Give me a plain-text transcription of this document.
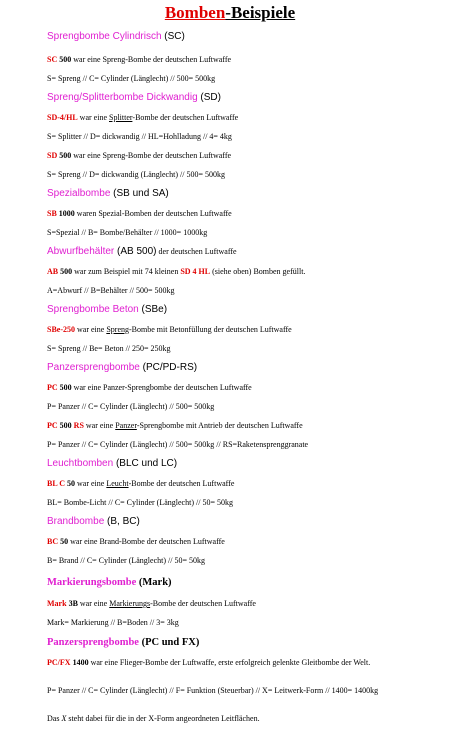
Bomben-Beispiele
Sprengbombe Cylindrisch (SC)
SC 500 war eine Spreng-Bombe der deutschen Luftwaffe
S= Spreng // C= Cylinder (Länglecht) // 500= 500kg
Spreng/Splitterbombe Dickwandig (SD)
SD-4/HL war eine Splitter-Bombe der deutschen Luftwaffe
S= Splitter // D= dickwandig // HL=Hohlladung // 4= 4kg
SD 500 war eine Spreng-Bombe der deutschen Luftwaffe
S= Spreng // D= dickwandig (Länglecht) // 500= 500kg
Spezialbombe (SB und SA)
SB 1000 waren Spezial-Bomben der deutschen Luftwaffe
S=Spezial // B= Bombe/Behälter // 1000= 1000kg
Abwurfbehälter (AB 500) der deutschen Luftwaffe
AB 500 war zum Beispiel mit 74 kleinen SD 4 HL (siehe oben) Bomben gefüllt.
A=Abwurf // B=Behälter // 500= 500kg
Sprengbombe Beton (SBe)
SBe-250 war eine Spreng-Bombe mit Betonfüllung der deutschen Luftwaffe
S= Spreng // Be= Beton // 250= 250kg
Panzersprengbombe (PC/PD-RS)
PC 500 war eine Panzer-Sprengbombe der deutschen Luftwaffe
P= Panzer // C= Cylinder (Länglecht) // 500= 500kg
PC 500 RS war eine Panzer-Sprengbombe mit Antrieb der deutschen Luftwaffe
P= Panzer // C= Cylinder (Länglecht) // 500= 500kg // RS=Raketensprenggranate
Leuchtbomben (BLC und LC)
BL C 50 war eine Leucht-Bombe der deutschen Luftwaffe
BL= Bombe-Licht // C= Cylinder (Länglecht) // 50= 50kg
Brandbombe (B, BC)
BC 50 war eine Brand-Bombe der deutschen Luftwaffe
B= Brand // C= Cylinder (Länglecht) // 50= 50kg
Markierungsbombe (Mark)
Mark 3B war eine Markierungs-Bombe der deutschen Luftwaffe
Mark= Markierung // B=Boden // 3= 3kg
Panzersprengbombe (PC und FX)
PC/FX 1400 war eine Flieger-Bombe der Luftwaffe, erste erfolgreich gelenkte Gleitbombe der Welt.
P= Panzer // C= Cylinder (Länglecht) // F= Funktion (Steuerbar) // X= Leitwerk-Form // 1400= 1400kg
Das X steht dabei für die in der X-Form angeordneten Leitflächen.
